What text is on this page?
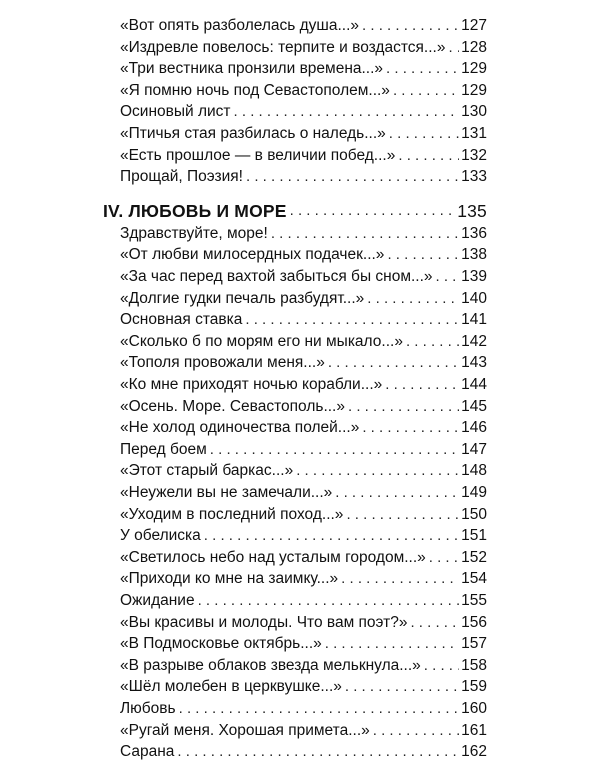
«Вот опять разболелась душа...» . . .	127
«Издревле повелось: терпите и воздастся...» . . . 128
«Три вестника пронзили времена...» . . .	129
«Я помню ночь под Севастополем...» . . .	129
Осиновый лист . . .	130
«Птичья стая разбилась о наледь...» . . .	131
«Есть прошлое — в величии побед...» . . .	132
Прощай, Поэзия! . . .	133
IV. ЛЮБОВЬ И МОРЕ . . .	135
Здравствуйте, море! . . .	136
«От любви милосердных подачек...» . . .	138
«За час перед вахтой забыться бы сном...» . . . 139
«Долгие гудки печаль разбудят...» . . .	140
Основная ставка . . .	141
«Сколько б по морям его ни мыкало...» . . .	142
«Тополя провожали меня...» . . .	143
«Ко мне приходят ночью корабли...» . . .	144
«Осень. Море. Севастополь...» . . .	145
«Не холод одиночества полей...» . . .	146
Перед боем . . .	147
«Этот старый баркас...» . . .	148
«Неужели вы не замечали...» . . .	149
«Уходим в последний поход...» . . .	150
У обелиска . . .	151
«Светилось небо над усталым городом...» . . . 152
«Приходи ко мне на заимку...» . . .	154
Ожидание . . .	155
«Вы красивы и молоды. Что вам поэт?» . . .	156
«В Подмосковье октябрь...» . . .	157
«В разрыве облаков звезда мелькнула...» . . .	158
«Шёл молебен в церквушке...» . . .	159
Любовь . . .	160
«Ругай меня. Хорошая примета...» . . .	161
Сарана . . .	162
